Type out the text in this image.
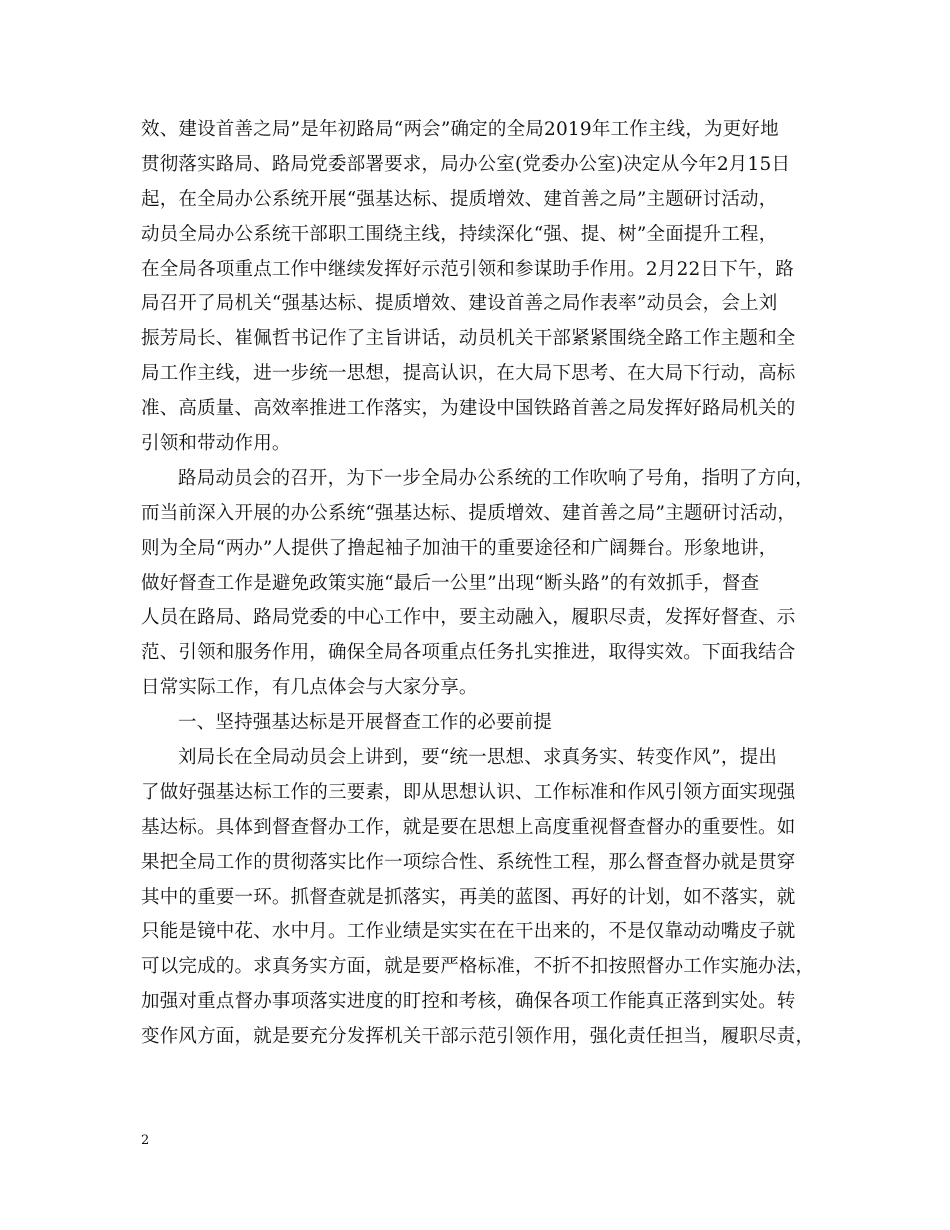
效、建设首善之局”是年初路局“两会”确定的全局2019年工作主线，为更好地
贯彻落实路局、路局党委部署要求，局办公室(党委办公室)决定从今年2月15日
起，在全局办公系统开展“强基达标、提质增效、建首善之局”主题研讨活动，
动员全局办公系统干部职工围绕主线，持续深化“强、提、树”全面提升工程，
在全局各项重点工作中继续发挥好示范引领和参谋助手作用。2月22日下午，路
局召开了局机关“强基达标、提质增效、建设首善之局作表率”动员会，会上刘
振芳局长、崔佩哲书记作了主旨讲话，动员机关干部紧紧围绕全路工作主题和全
局工作主线，进一步统一思想，提高认识，在大局下思考、在大局下行动，高标
准、高质量、高效率推进工作落实，为建设中国铁路首善之局发挥好路局机关的
引领和带动作用。
路局动员会的召开，为下一步全局办公系统的工作吹响了号角，指明了方向，
而当前深入开展的办公系统“强基达标、提质增效、建首善之局”主题研讨活动，
则为全局“两办”人提供了撸起袖子加油干的重要途径和广阔舞台。形象地讲，
做好督查工作是避免政策实施“最后一公里”出现“断头路”的有效抓手，督查
人员在路局、路局党委的中心工作中，要主动融入，履职尽责，发挥好督查、示
范、引领和服务作用，确保全局各项重点任务扎实推进，取得实效。下面我结合
日常实际工作，有几点体会与大家分享。
一、坚持强基达标是开展督查工作的必要前提
刘局长在全局动员会上讲到，要“统一思想、求真务实、转变作风”，提出
了做好强基达标工作的三要素，即从思想认识、工作标准和作风引领方面实现强
基达标。具体到督查督办工作，就是要在思想上高度重视督查督办的重要性。如
果把全局工作的贯彻落实比作一项综合性、系统性工程，那么督查督办就是贯穿
其中的重要一环。抓督查就是抓落实，再美的蓝图、再好的计划，如不落实，就
只能是镜中花、水中月。工作业绩是实实在在干出来的，不是仅靠动动嘴皮子就
可以完成的。求真务实方面，就是要严格标准，不折不扣按照督办工作实施办法，
加强对重点督办事项落实进度的盯控和考核，确保各项工作能真正落到实处。转
变作风方面，就是要充分发挥机关干部示范引领作用，强化责任担当，履职尽责，
2
